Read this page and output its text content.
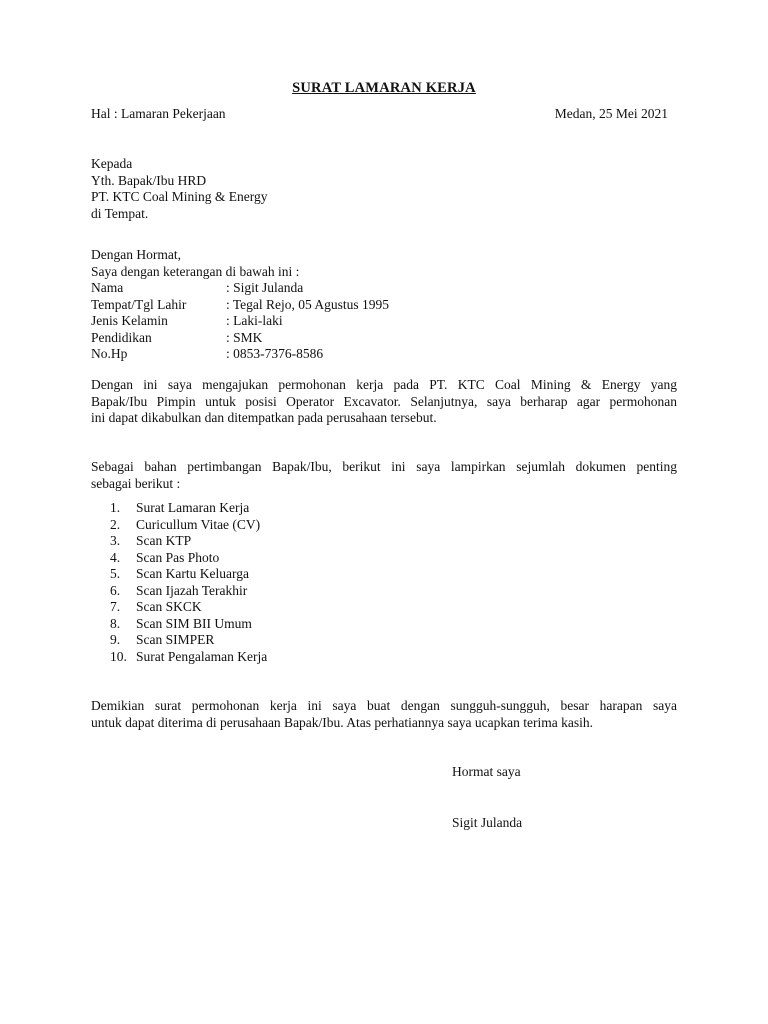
SURAT LAMARAN KERJA
Hal : Lamaran Pekerjaan	Medan, 25 Mei 2021
Kepada
Yth. Bapak/Ibu HRD
PT. KTC Coal Mining & Energy
di Tempat.
Dengan Hormat,
Saya dengan keterangan di bawah ini :
Nama	: Sigit Julanda
Tempat/Tgl Lahir	: Tegal Rejo, 05 Agustus 1995
Jenis Kelamin	: Laki-laki
Pendidikan	: SMK
No.Hp	: 0853-7376-8586
Dengan ini saya mengajukan permohonan kerja pada PT. KTC Coal Mining & Energy yang
Bapak/Ibu Pimpin untuk posisi Operator Excavator. Selanjutnya, saya berharap agar permohonan
ini dapat dikabulkan dan ditempatkan pada perusahaan tersebut.
Sebagai bahan pertimbangan Bapak/Ibu, berikut ini saya lampirkan sejumlah dokumen penting
sebagai berikut :
1.	Surat Lamaran Kerja
2.	Curicullum Vitae (CV)
3.	Scan KTP
4.	Scan Pas Photo
5.	Scan Kartu Keluarga
6.	Scan Ijazah Terakhir
7.	Scan SKCK
8.	Scan SIM BII Umum
9.	Scan SIMPER
10. Surat Pengalaman Kerja
Demikian surat permohonan kerja ini saya buat dengan sungguh-sungguh, besar harapan saya
untuk dapat diterima di perusahaan Bapak/Ibu. Atas perhatiannya saya ucapkan terima kasih.
Hormat saya
Sigit Julanda
